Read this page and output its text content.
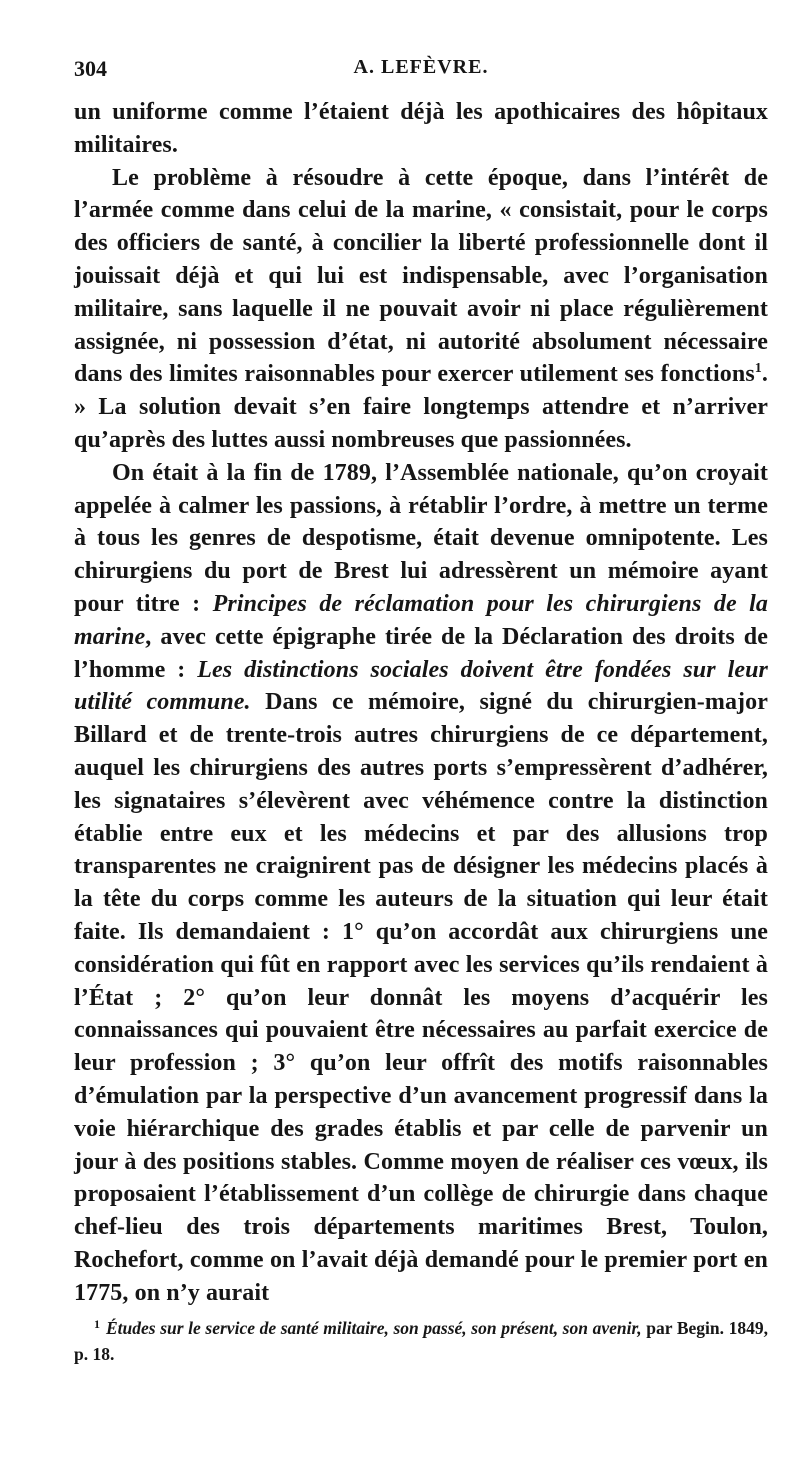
304	A. LEFÈVRE.

un uniforme comme l’étaient déjà les apothicaires des hôpitaux militaires.

Le problème à résoudre à cette époque, dans l’intérêt de l’armée comme dans celui de la marine, « consistait, pour le corps des officiers de santé, à concilier la liberté professionnelle dont il jouissait déjà et qui lui est indispensable, avec l’organisation militaire, sans laquelle il ne pouvait avoir ni place régulièrement assignée, ni possession d’état, ni autorité absolument nécessaire dans des limites raisonnables pour exercer utilement ses fonctions$^1$. » La solution devait s’en faire longtemps attendre et n’arriver qu’après des luttes aussi nombreuses que passionnées.

On était à la fin de 1789, l’Assemblée nationale, qu’on croyait appelée à calmer les passions, à rétablir l’ordre, à mettre un terme à tous les genres de despotisme, était devenue omnipotente. Les chirurgiens du port de Brest lui adressèrent un mémoire ayant pour titre : Principes de réclamation pour les chirurgiens de la marine, avec cette épigraphe tirée de la Déclaration des droits de l’homme : Les distinctions sociales doivent être fondées sur leur utilité commune. Dans ce mémoire, signé du chirurgien-major Billard et de trente-trois autres chirurgiens de ce département, auquel les chirurgiens des autres ports s’empressèrent d’adhérer, les signataires s’élevèrent avec véhémence contre la distinction établie entre eux et les médecins et par des allusions trop transparentes ne craignirent pas de désigner les médecins placés à la tête du corps comme les auteurs de la situation qui leur était faite. Ils demandaient : 1° qu’on accordât aux chirurgiens une considération qui fût en rapport avec les services qu’ils rendaient à l’État ; 2° qu’on leur donnât les moyens d’acquérir les connaissances qui pouvaient être nécessaires au parfait exercice de leur profession ; 3° qu’on leur offrît des motifs raisonnables d’émulation par la perspective d’un avancement progressif dans la voie hiérarchique des grades établis et par celle de parvenir un jour à des positions stables. Comme moyen de réaliser ces vœux, ils proposaient l’établissement d’un collège de chirurgie dans chaque chef-lieu des trois départements maritimes Brest, Toulon, Rochefort, comme on l’avait déjà demandé pour le premier port en 1775, on n’y aurait

$^1$ Études sur le service de santé militaire, son passé, son présent, son avenir, par Begin. 1849, p. 18.
